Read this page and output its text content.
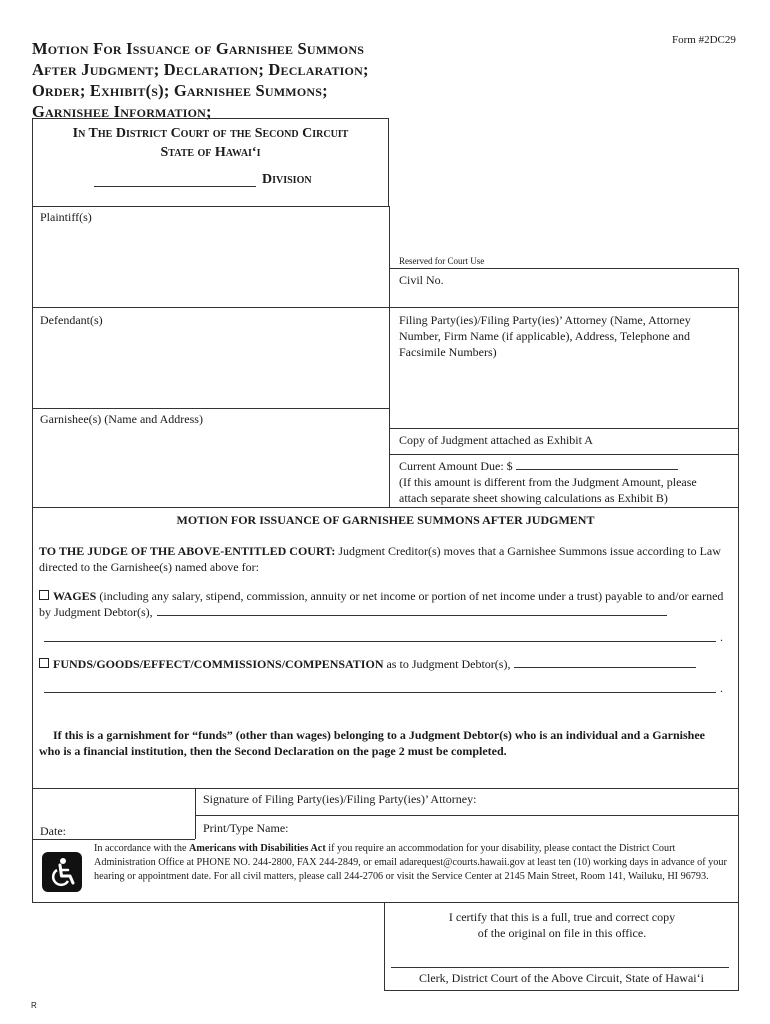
Form #2DC29
Motion For Issuance of Garnishee Summons
After Judgment; Declaration; Declaration;
Order; Exhibit(s); Garnishee Summons;
Garnishee Information;
In The District Court of the Second Circuit
State of Hawai‘i
Division
Plaintiff(s)
Defendant(s)
Garnishee(s) (Name and Address)
Reserved for Court Use
Civil No.
Filing Party(ies)/Filing Party(ies)’ Attorney (Name, Attorney Number, Firm Name (if applicable), Address, Telephone and Facsimile Numbers)
Copy of Judgment attached as Exhibit A
Current Amount Due: $
(If this amount is different from the Judgment Amount, please attach separate sheet showing calculations as Exhibit B)
MOTION FOR ISSUANCE OF GARNISHEE SUMMONS AFTER JUDGMENT
TO THE JUDGE OF THE ABOVE-ENTITLED COURT: Judgment Creditor(s) moves that a Garnishee Summons issue according to Law directed to the Garnishee(s) named above for:
WAGES (including any salary, stipend, commission, annuity or net income or portion of net income under a trust) payable to and/or earned by Judgment Debtor(s),
.
FUNDS/GOODS/EFFECT/COMMISSIONS/COMPENSATION as to Judgment Debtor(s),
.
If this is a garnishment for “funds” (other than wages) belonging to a Judgment Debtor(s) who is an individual and a Garnishee who is a financial institution, then the Second Declaration on the page 2 must be completed.
Signature of Filing Party(ies)/Filing Party(ies)’ Attorney:
Print/Type Name:
Date:
In accordance with the Americans with Disabilities Act if you require an accommodation for your disability, please contact the District Court Administration Office at PHONE NO. 244-2800, FAX 244-2849, or email adarequest@courts.hawaii.gov at least ten (10) working days in advance of your hearing or appointment date. For all civil matters, please call 244-2706 or visit the Service Center at 2145 Main Street, Room 141, Wailuku, HI 96793.
I certify that this is a full, true and correct copy of the original on file in this office.
Clerk, District Court of the Above Circuit, State of Hawai‘i
R
